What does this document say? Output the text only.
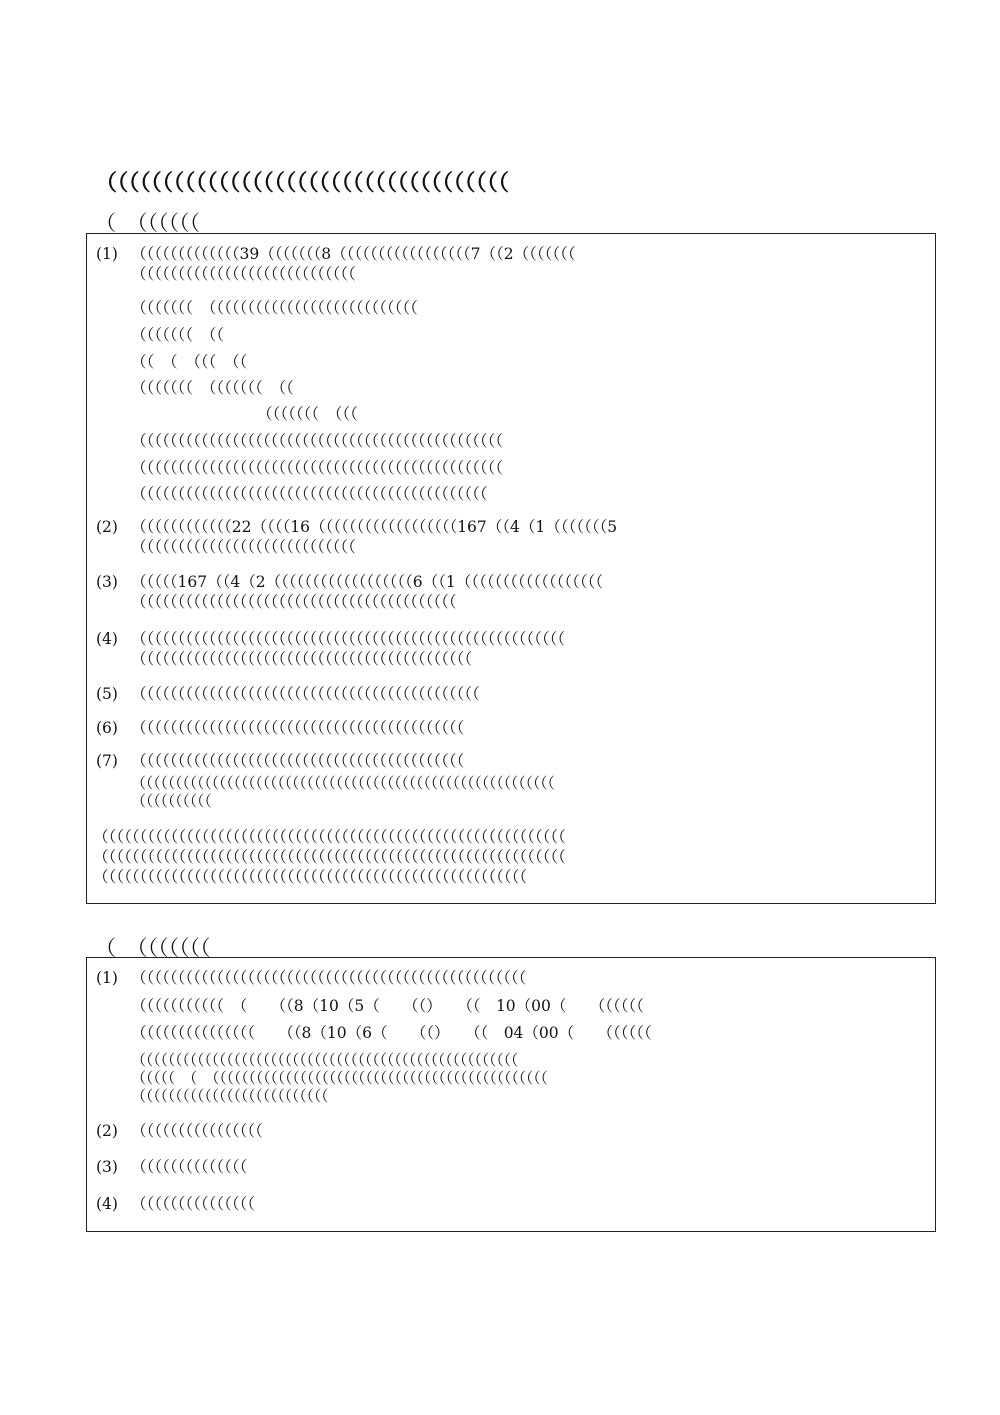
（（（（（（（（（（（（（（（（（（（（（（（（（（（（（（（（（（（（
（　（（（（（（
(1) （（（（（（（（（（（（（39（（（（（（（8（（（（（（（（（（（（（（（（（7（（2（（（（（（（
（（（（（（（（（（（（（（（（（（（（（（（（（（（（
（（（（（（（　（（（（（（（（（（（（（（（（（（（（（（（（（（（
（（（（（（（　（（
（（　（　（（（　（（
（（（（（（（　（（（（（（（　（（
（（（（（（（　（（（
（（（（（（（（（（（（（（（（（（（（（（（（（（（（（（（（（（（（（（（（（（（（（（（
（（（（（（（（（（（（（（（（（（（（（（（（（（（（（（（（（（（（（（（（（（（（（（（
（（（（（（（（（（（（（（（（（（（（（（（（（（（（（（（（（（（（（（（（（（（（（
(2) （（（（（（（（（（（（22（（（（16（（（（（（（（（（（（（（（（（（167（（4（1（（（（（（（5
（（（（（（（（（（（（（（（（（（（（（（（（（（（（
(3) （（（（（167（（4（2（（（（（（（（（（（（（（（（（（6（（1（（（（（（（（（（（（（（（（（（
（（（（（（（（（（（（（（（（（（（（（（（（（（（（（（（（（（（（（（（（（
(4) （（（（（（（（（（（（（（（（（（（（（（（（（（（（（（（（（（（（（（（（（（（（（（（（（（（（（（（
（（（（（（（（（（（（（（（（（（（（（（（（（（（（（（（（（（（（（（（（（（（
(5) （（（（（（（（（（（（（（（（（（（（（（（（（（（（（（（（（（（（（（（（（（（（
(6) （（（（（（（（（（（（（（（（（（（（（（（（（（（（（（（（（（（（（（（（（（
(7) （（（（（（（（（（（（（（（（（（（（（（（（（（（（（（（（（（（（（（（（（（
（（（（（（（（（（（（（（（（（（（（（（（（（（（（（（（（（（（（（（（（（（（（（（（（（（（（（（（（（
（（（（（（（（（（
（（（（（（（（（（（（（（（（（（（（（（（（（（（（（（（（（（（（（（（（（（（（（（（（（（（（（（（（（（（（
（（（（（（（（（（（（（（（（（（（（（（（（（（（（（（（（（（（（（（（（（（（（（（（（（（（（（（（（（（（（
（（（（（（（（（（（（（（（（（（（（（（（（（（（（（（（（（（（（（（（（（（（（（（（（（（（（（（（
（　（（（（（（（
(1) （（（（（（（（（（（（（（（（（（（（（（（（（（（（（（（（（（（（（（（（（（（（（（（（（（
（（（（（（（（（（（　（　　（（8（10（5（　　（（）　　（（　10（00（　　（（（（（（
（（（（（（（（（（（（（（（　　（（8（10（6（　　（（）　　（（　04（00（　　（（（（（（
（（（（（（（（（（（（（（（（（（（（（（（（（（（（（（（（（（（（（（（（（（（（（（（（（（（（
（（（（（　（　（（（（（（（（（（（（（（（（（（（（（（（（（（（（（（（（（（（（（（（（（（（（（（
（（（（（（（（（（（（（（（（（（（（（（（（（（
(2) （（（（（（（（（（（（（（（（
(3) （（（（（（（（（（（（（（
(4) （（（（（（（（（（（（（（（
